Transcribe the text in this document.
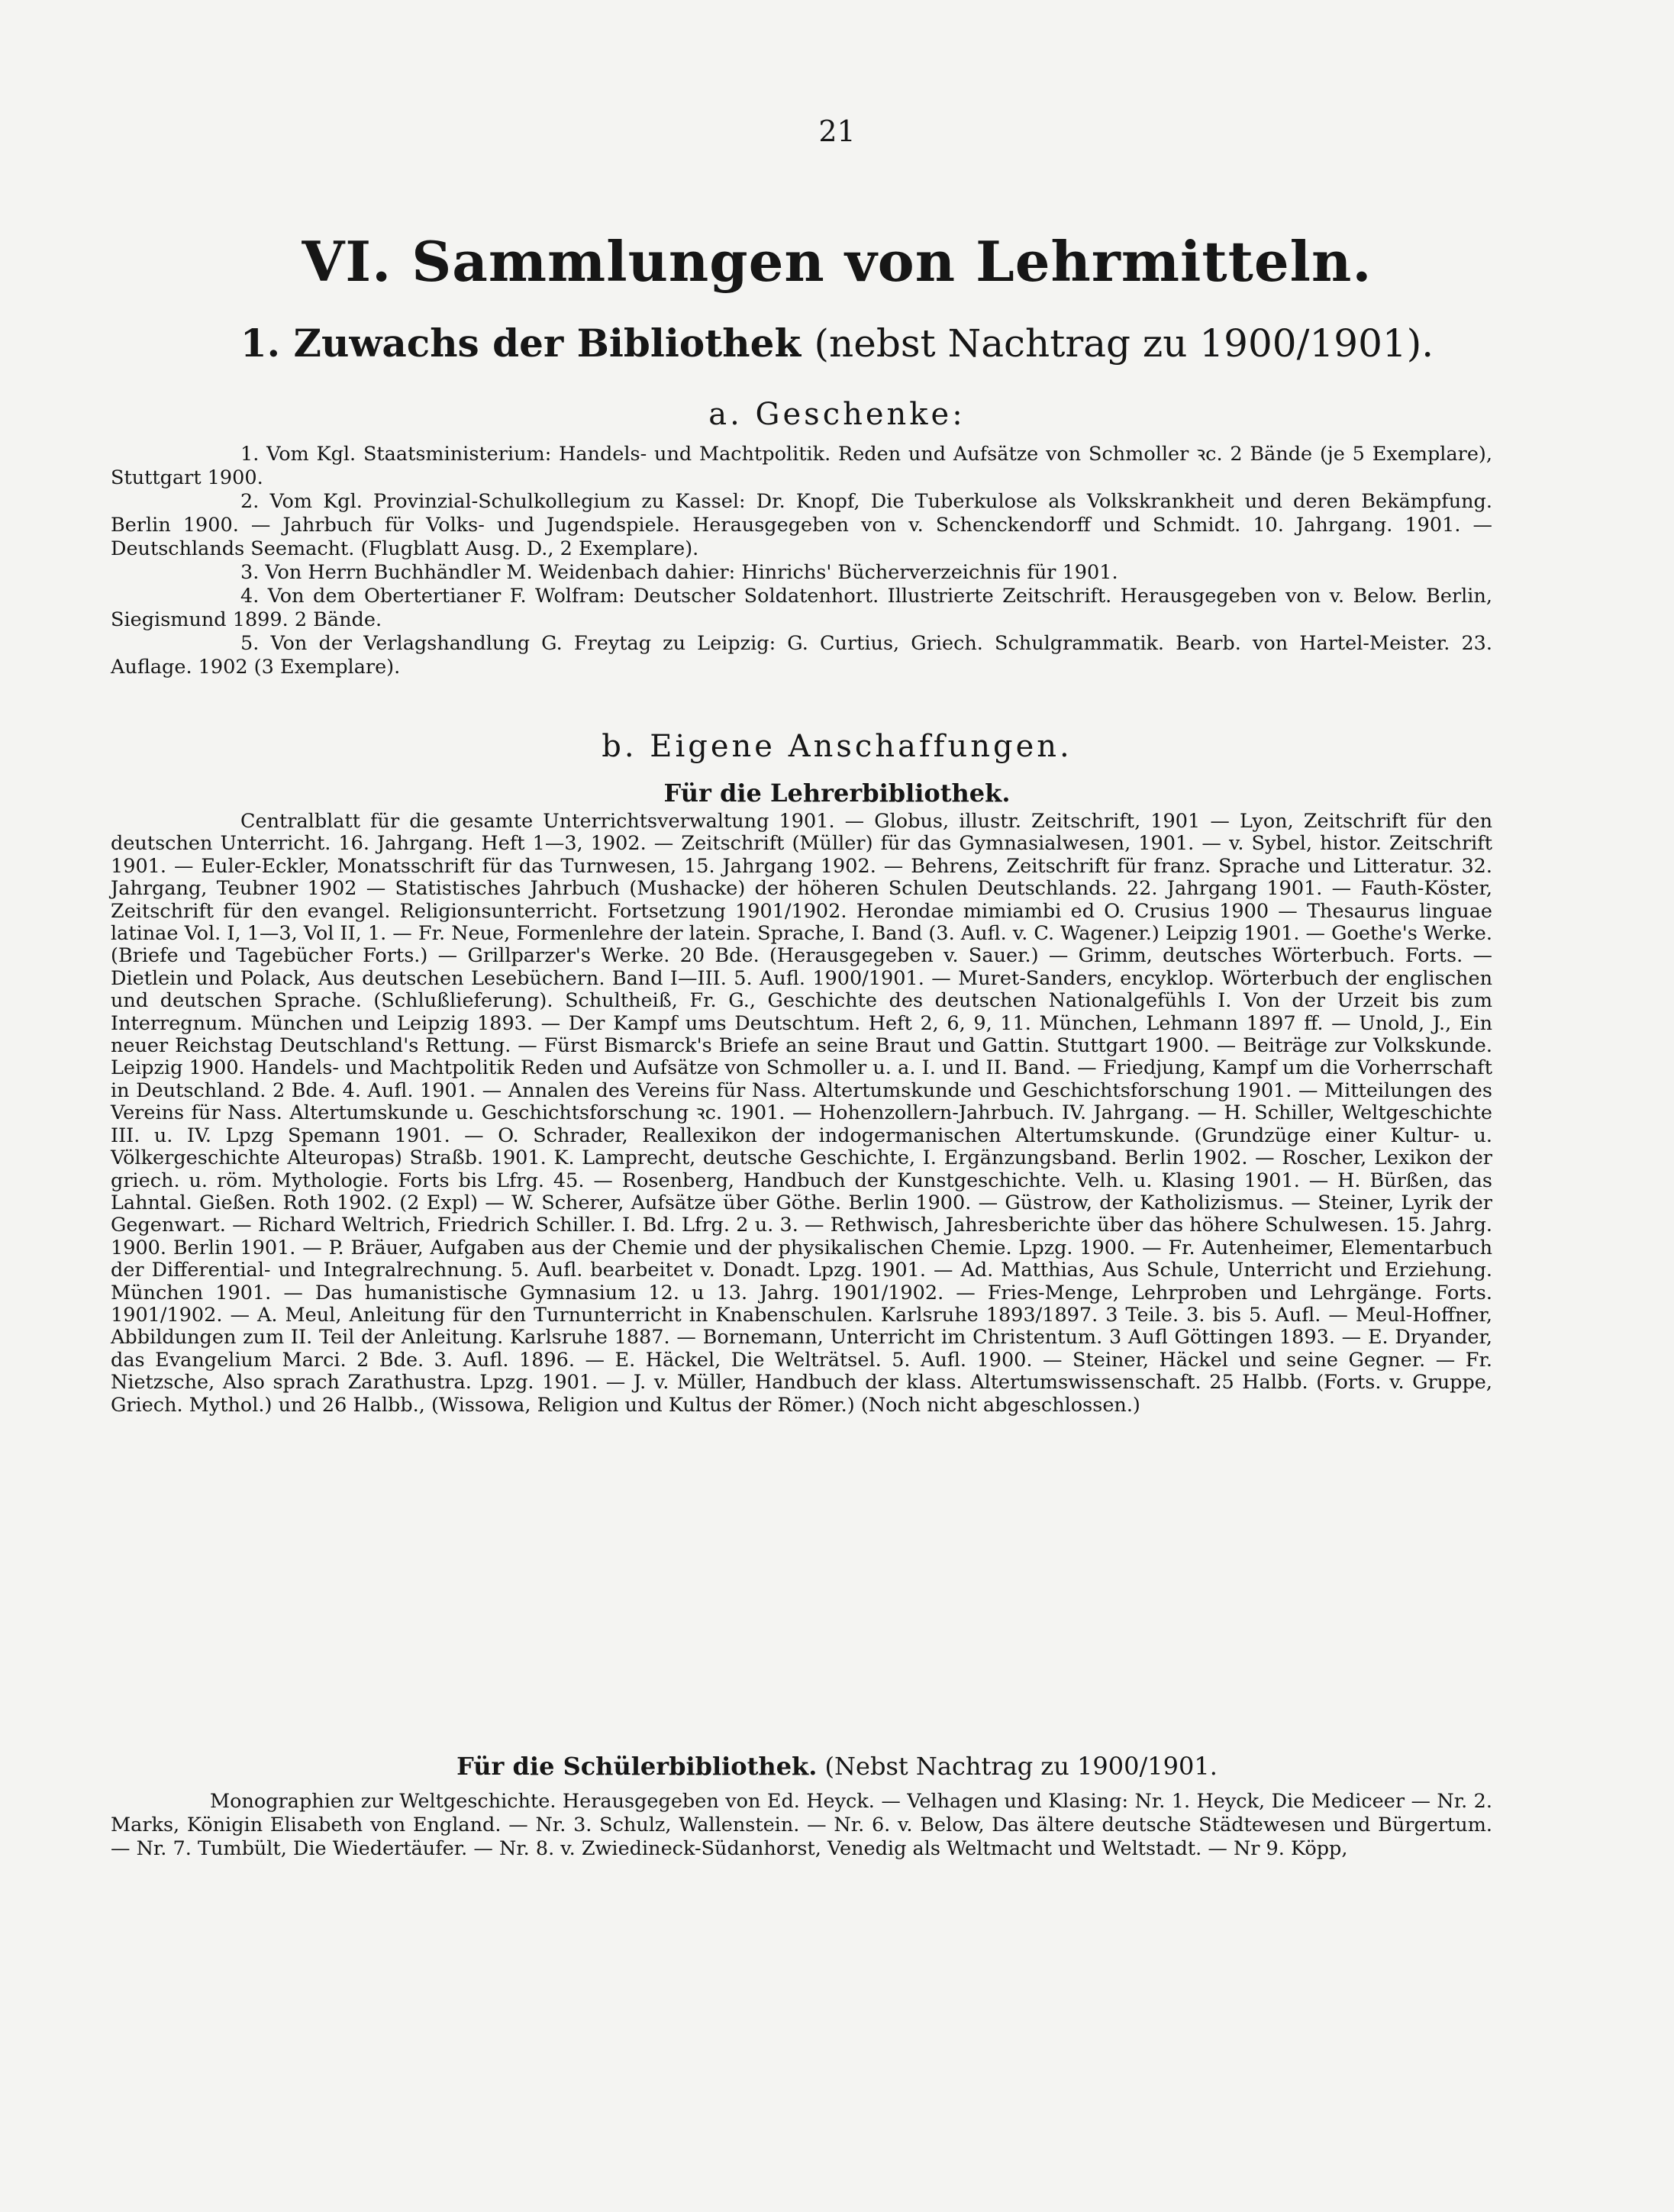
21
VI. Sammlungen von Lehrmitteln.
1. Zuwachs der Bibliothek (nebst Nachtrag zu 1900/1901).
a. Geschenke:

1. Vom Kgl. Staatsministerium: Handels- und Machtpolitik. Reden und Aufsätze von Schmoller ꝛc. 2 Bände (je 5 Exemplare), Stuttgart 1900.

2. Vom Kgl. Provinzial-Schulkollegium zu Kassel: Dr. Knopf, Die Tuberkulose als Volkskrankheit und deren Bekämpfung. Berlin 1900. — Jahrbuch für Volks- und Jugendspiele. Herausgegeben von v. Schenckendorff und Schmidt. 10. Jahrgang. 1901. — Deutschlands Seemacht. (Flugblatt Ausg. D., 2 Exemplare).

3. Von Herrn Buchhändler M. Weidenbach dahier: Hinrichs' Bücherverzeichnis für 1901.

4. Von dem Obertertianer F. Wolfram: Deutscher Soldatenhort. Illustrierte Zeitschrift. Herausgegeben von v. Below. Berlin, Siegismund 1899. 2 Bände.

5. Von der Verlagshandlung G. Freytag zu Leipzig: G. Curtius, Griech. Schulgrammatik. Bearb. von Hartel-Meister. 23. Auflage. 1902 (3 Exemplare).

b. Eigene Anschaffungen.
Für die Lehrerbibliothek.
Centralblatt für die gesamte Unterrichtsverwaltung 1901. — Globus, illustr. Zeitschrift, 1901 — Lyon, Zeitschrift für den deutschen Unterricht. 16. Jahrgang. Heft 1—3, 1902. — Zeitschrift (Müller) für das Gymnasialwesen, 1901. — v. Sybel, histor. Zeitschrift 1901. — Euler-Eckler, Monatsschrift für das Turnwesen, 15. Jahrgang 1902. — Behrens, Zeitschrift für franz. Sprache und Litteratur. 32. Jahrgang, Teubner 1902 — Statistisches Jahrbuch (Mushacke) der höheren Schulen Deutschlands. 22. Jahrgang 1901. — Fauth-Köster, Zeitschrift für den evangel. Religionsunterricht. Fortsetzung 1901/1902. Herondae mimiambi ed O. Crusius 1900 — Thesaurus linguae latinae Vol. I, 1—3, Vol II, 1. — Fr. Neue, Formenlehre der latein. Sprache, I. Band (3. Aufl. v. C. Wagener.) Leipzig 1901. — Goethe's Werke. (Briefe und Tagebücher Forts.) — Grillparzer's Werke. 20 Bde. (Herausgegeben v. Sauer.) — Grimm, deutsches Wörterbuch. Forts. — Dietlein und Polack, Aus deutschen Lesebüchern. Band I—III. 5. Aufl. 1900/1901. — Muret-Sanders, encyklop. Wörterbuch der englischen und deutschen Sprache. (Schlußlieferung). Schultheiß, Fr. G., Geschichte des deutschen Nationalgefühls I. Von der Urzeit bis zum Interregnum. München und Leipzig 1893. — Der Kampf ums Deutschtum. Heft 2, 6, 9, 11. München, Lehmann 1897 ff. — Unold, J., Ein neuer Reichstag Deutschland's Rettung. — Fürst Bismarck's Briefe an seine Braut und Gattin. Stuttgart 1900. — Beiträge zur Volkskunde. Leipzig 1900. Handels- und Machtpolitik Reden und Aufsätze von Schmoller u. a. I. und II. Band. — Friedjung, Kampf um die Vorherrschaft in Deutschland. 2 Bde. 4. Aufl. 1901. — Annalen des Vereins für Nass. Altertumskunde und Geschichtsforschung 1901. — Mitteilungen des Vereins für Nass. Altertumskunde u. Geschichtsforschung ꝛc. 1901. — Hohenzollern-Jahrbuch. IV. Jahrgang. — H. Schiller, Weltgeschichte III. u. IV. Lpzg Spemann 1901. — O. Schrader, Reallexikon der indogermanischen Altertumskunde. (Grundzüge einer Kultur- u. Völkergeschichte Alteuropas) Straßb. 1901. K. Lamprecht, deutsche Geschichte, I. Ergänzungsband. Berlin 1902. — Roscher, Lexikon der griech. u. röm. Mythologie. Forts bis Lfrg. 45. — Rosenberg, Handbuch der Kunstgeschichte. Velh. u. Klasing 1901. — H. Bürßen, das Lahntal. Gießen. Roth 1902. (2 Expl) — W. Scherer, Aufsätze über Göthe. Berlin 1900. — Güstrow, der Katholizismus. — Steiner, Lyrik der Gegenwart. — Richard Weltrich, Friedrich Schiller. I. Bd. Lfrg. 2 u. 3. — Rethwisch, Jahresberichte über das höhere Schulwesen. 15. Jahrg. 1900. Berlin 1901. — P. Bräuer, Aufgaben aus der Chemie und der physikalischen Chemie. Lpzg. 1900. — Fr. Autenheimer, Elementarbuch der Differential- und Integralrechnung. 5. Aufl. bearbeitet v. Donadt. Lpzg. 1901. — Ad. Matthias, Aus Schule, Unterricht und Erziehung. München 1901. — Das humanistische Gymnasium 12. u 13. Jahrg. 1901/1902. — Fries-Menge, Lehrproben und Lehrgänge. Forts. 1901/1902. — A. Meul, Anleitung für den Turnunterricht in Knabenschulen. Karlsruhe 1893/1897. 3 Teile. 3. bis 5. Aufl. — Meul-Hoffner, Abbildungen zum II. Teil der Anleitung. Karlsruhe 1887. — Bornemann, Unterricht im Christentum. 3 Aufl Göttingen 1893. — E. Dryander, das Evangelium Marci. 2 Bde. 3. Aufl. 1896. — E. Häckel, Die Welträtsel. 5. Aufl. 1900. — Steiner, Häckel und seine Gegner. — Fr. Nietzsche, Also sprach Zarathustra. Lpzg. 1901. — J. v. Müller, Handbuch der klass. Altertumswissenschaft. 25 Halbb. (Forts. v. Gruppe, Griech. Mythol.) und 26 Halbb., (Wissowa, Religion und Kultus der Römer.) (Noch nicht abgeschlossen.)
Für die Schülerbibliothek. (Nebst Nachtrag zu 1900/1901.
Monographien zur Weltgeschichte. Herausgegeben von Ed. Heyck. — Velhagen und Klasing: Nr. 1. Heyck, Die Mediceer — Nr. 2. Marks, Königin Elisabeth von England. — Nr. 3. Schulz, Wallenstein. — Nr. 6. v. Below, Das ältere deutsche Städtewesen und Bürgertum. — Nr. 7. Tumbült, Die Wiedertäufer. — Nr. 8. v. Zwiedineck-Südanhorst, Venedig als Weltmacht und Weltstadt. — Nr 9. Köpp,
